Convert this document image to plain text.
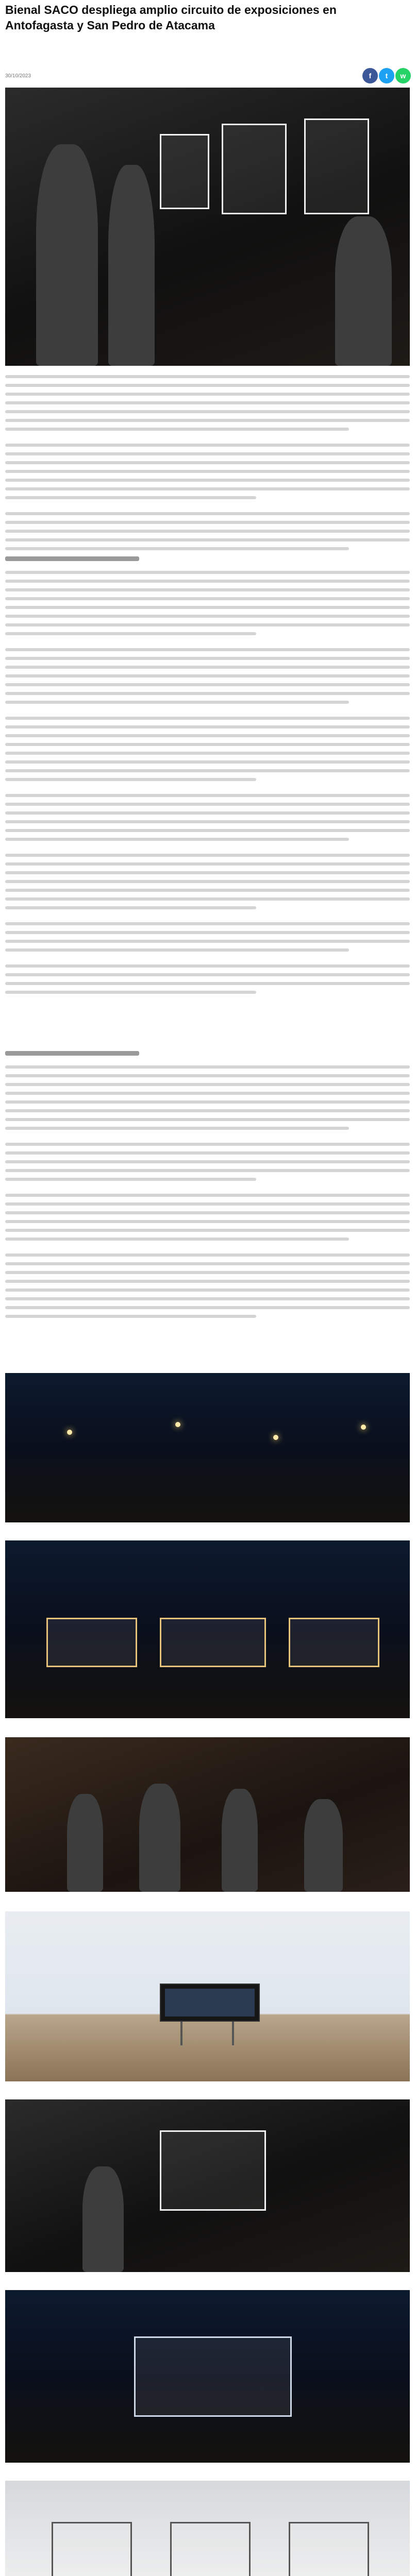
Bienal SACO despliega amplio circuito de exposiciones en Antofagasta y San Pedro de Atacama
30/10/2023	f t w
